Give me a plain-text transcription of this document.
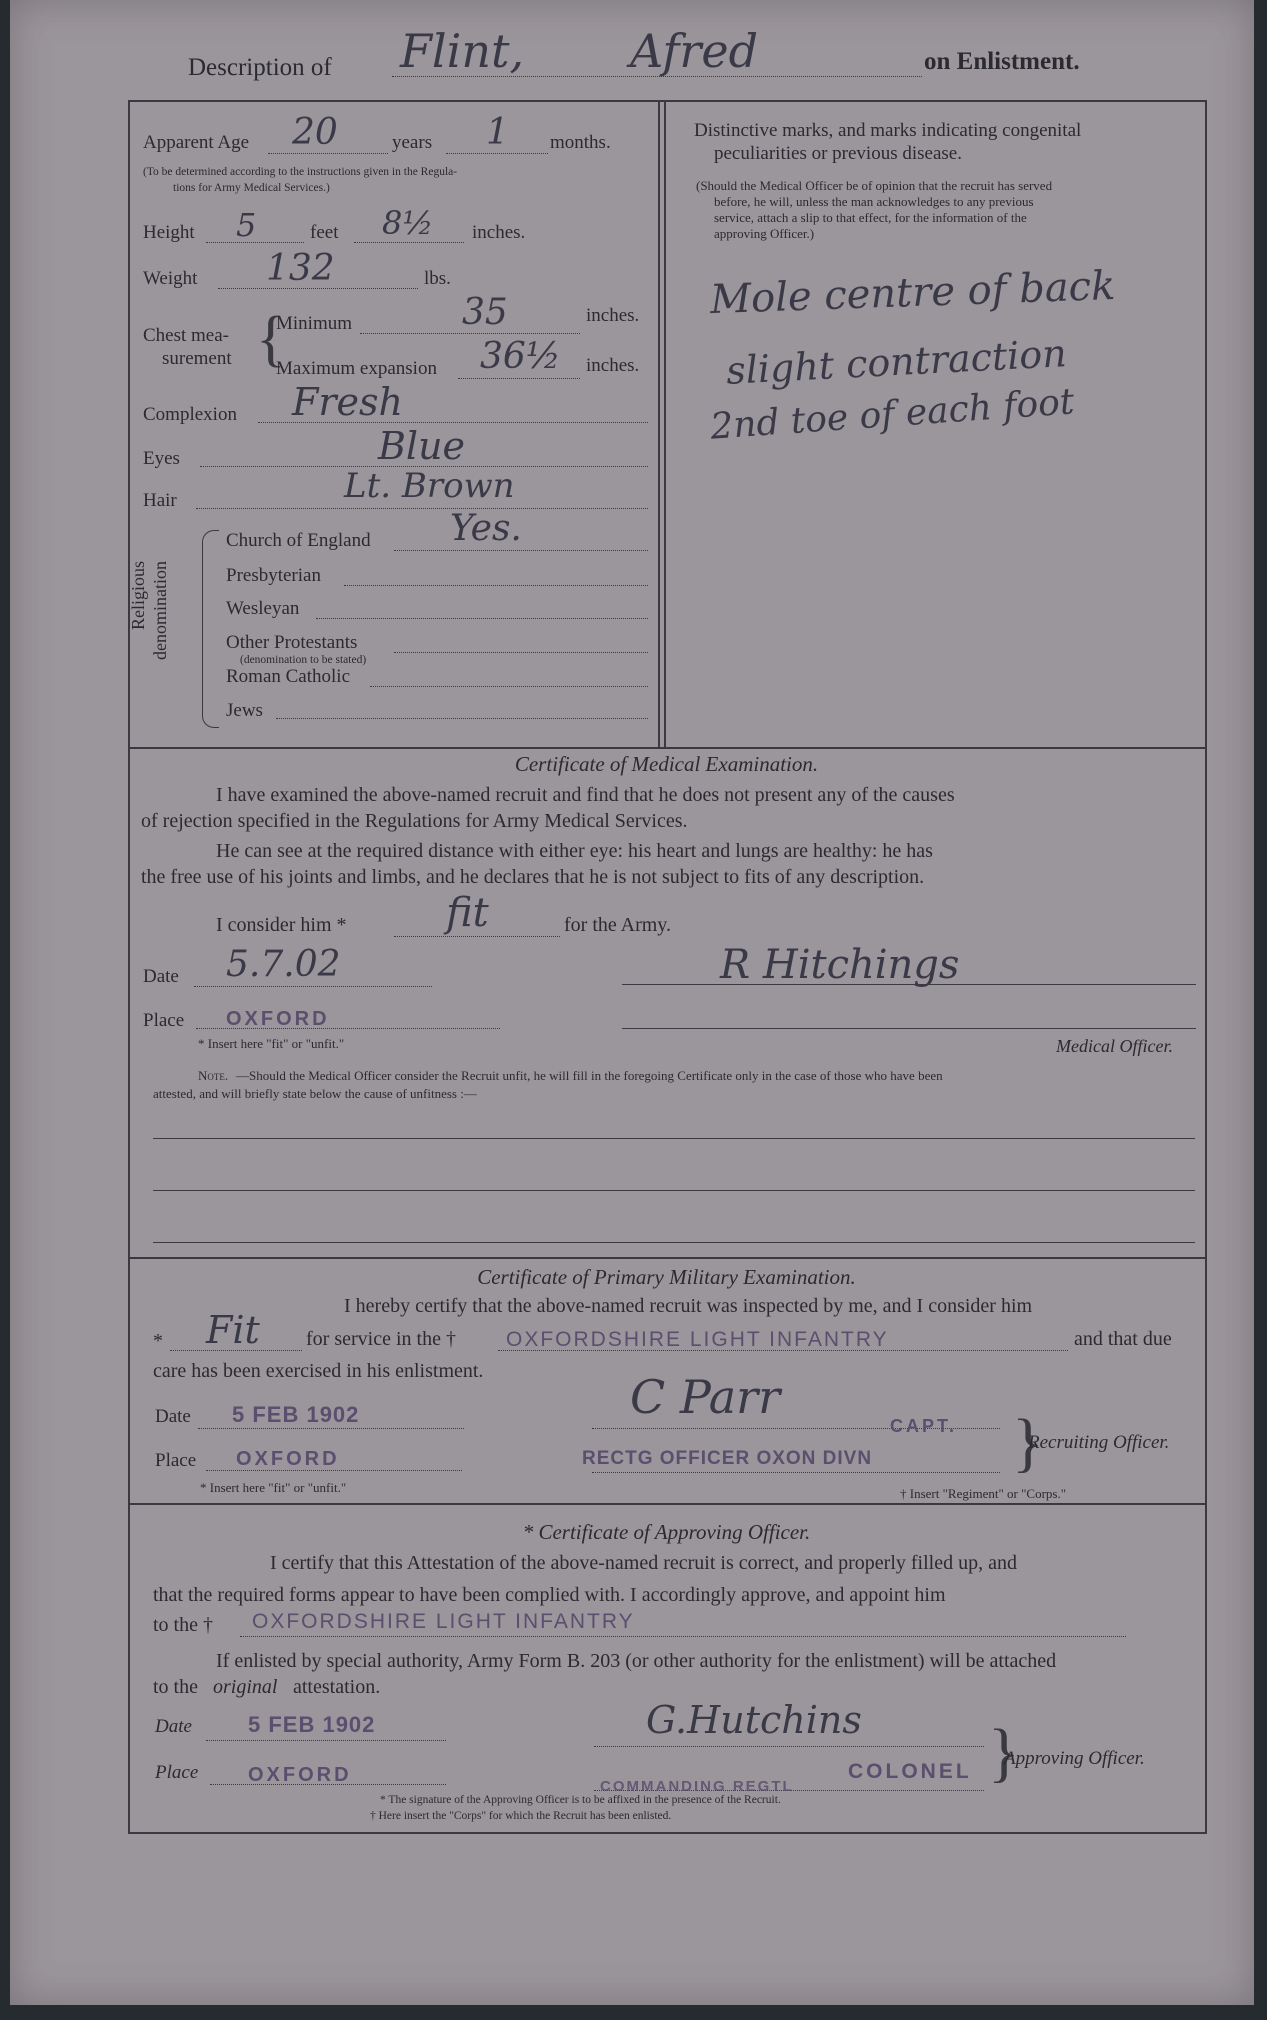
Description of Flint, Afred	on Enlistment.
Apparent Age 20	years 1 months.
(To be determined according to the instructions given in the Regula-
tions for Army Medical Services.)
Height 5	feet 8½ inches.
Weight 132	lbs.
Chest mea-
surement {
Minimum	35	inches.
Maximum expansion 36½ inches.
Complexion Fresh
Eyes	Blue
Hair	Lt. Brown
Religious denomination
Church of England Yes.
Presbyterian
Wesleyan
Other Protestants
(denomination to be stated)
Roman Catholic
Jews
Distinctive marks, and marks indicating congenital
peculiarities or previous disease.
(Should the Medical Officer be of opinion that the recruit has served
before, he will, unless the man acknowledges to any previous
service, attach a slip to that effect, for the information of the
approving Officer.)
Mole centre of back
slight contraction
2nd toe of each foot
Certificate of Medical Examination.
I have examined the above-named recruit and find that he does not present any of the causes
of rejection specified in the Regulations for Army Medical Services.
He can see at the required distance with either eye: his heart and lungs are healthy: he has
the free use of his joints and limbs, and he declares that he is not subject to fits of any description.
I consider him * fit	for the Army.
Date 5.7.02	R Hitchings
Place OXFORD
* Insert here "fit" or "unfit."	Medical Officer.
Note. —Should the Medical Officer consider the Recruit unfit, he will fill in the foregoing Certificate only in the case of those who have been
attested, and will briefly state below the cause of unfitness :—
Certificate of Primary Military Examination.
I hereby certify that the above-named recruit was inspected by me, and I consider him
* Fit for service in the † OXFORDSHIRE LIGHT INFANTRY	and that due
care has been exercised in his enlistment.
Date 5 FEB 1902	C Parr
CAPT.
Place OXFORD	RECTG OFFICER OXON DIVN }
Recruiting Officer.
* Insert here "fit" or "unfit."	† Insert "Regiment" or "Corps."
* Certificate of Approving Officer.
I certify that this Attestation of the above-named recruit is correct, and properly filled up, and
that the required forms appear to have been complied with. I accordingly approve, and appoint him
to the † OXFORDSHIRE LIGHT INFANTRY
If enlisted by special authority, Army Form B. 203 (or other authority for the enlistment) will be attached
to the original attestation.
Date	5 FEB 1902	G.Hutchins
Place OXFORD	COLONEL
COMMANDING REGTL	}
Approving Officer.
* The signature of the Approving Officer is to be affixed in the presence of the Recruit.
† Here insert the "Corps" for which the Recruit has been enlisted.
